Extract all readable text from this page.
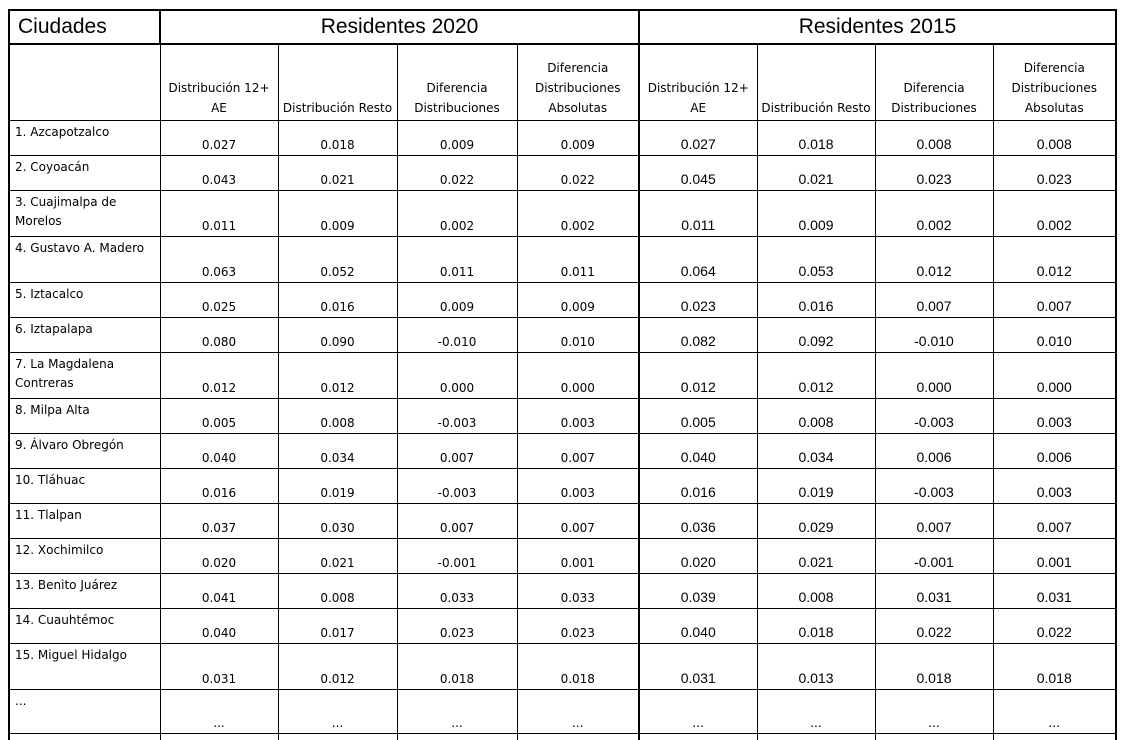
Ciudades	Residentes 2020				Residentes 2015			
	Distribución 12+ AE	Distribución Resto	Diferencia Distribuciones	Diferencia Distribuciones Absolutas	Distribución 12+ AE	Distribución Resto	Diferencia Distribuciones	Diferencia Distribuciones Absolutas
1. Azcapotzalco	0.027	0.018	0.009	0.009	0.027	0.018	0.008	0.008
2. Coyoacán	0.043	0.021	0.022	0.022	0.045	0.021	0.023	0.023
3. Cuajimalpa de Morelos	0.011	0.009	0.002	0.002	0.011	0.009	0.002	0.002
4. Gustavo A. Madero	0.063	0.052	0.011	0.011	0.064	0.053	0.012	0.012
5. Iztacalco	0.025	0.016	0.009	0.009	0.023	0.016	0.007	0.007
6. Iztapalapa	0.080	0.090	-0.010	0.010	0.082	0.092	-0.010	0.010
7. La Magdalena Contreras	0.012	0.012	0.000	0.000	0.012	0.012	0.000	0.000
8. Milpa Alta	0.005	0.008	-0.003	0.003	0.005	0.008	-0.003	0.003
9. Álvaro Obregón	0.040	0.034	0.007	0.007	0.040	0.034	0.006	0.006
10. Tláhuac	0.016	0.019	-0.003	0.003	0.016	0.019	-0.003	0.003
11. Tlalpan	0.037	0.030	0.007	0.007	0.036	0.029	0.007	0.007
12. Xochimilco	0.020	0.021	-0.001	0.001	0.020	0.021	-0.001	0.001
13. Benito Juárez	0.041	0.008	0.033	0.033	0.039	0.008	0.031	0.031
14. Cuauhtémoc	0.040	0.017	0.023	0.023	0.040	0.018	0.022	0.022
15. Miguel Hidalgo	0.031	0.012	0.018	0.018	0.031	0.013	0.018	0.018
...	...	...	...	...	...	...	...	...
